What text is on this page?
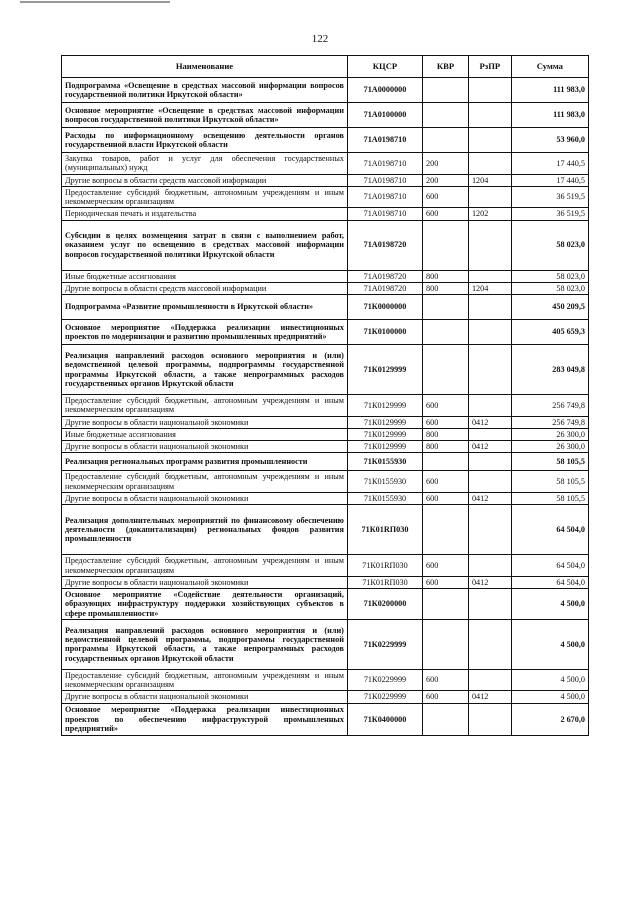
122
Наименование	КЦСР	КВР	РзПР	Сумма
Подпрограмма «Освещение в средствах массовой информации вопросов государственной политики Иркутской области»	71А0000000			111 983,0
Основное мероприятие «Освещение в средствах массовой информации вопросов государственной политики Иркутской области»	71А0100000			111 983,0
Расходы по информационному освещению деятельности органов государственной власти Иркутской области	71А0198710			53 960,0
Закупка товаров, работ и услуг для обеспечения государственных (муниципальных) нужд	71А0198710	200		17 440,5
Другие вопросы в области средств массовой информации	71А0198710	200	1204	17 440,5
Предоставление субсидий бюджетным, автономным учреждениям и иным некоммерческим организациям	71А0198710	600		36 519,5
Периодическая печать и издательства	71А0198710	600	1202	36 519,5
Субсидии в целях возмещения затрат в связи с выполнением работ, оказанием услуг по освещению в средствах массовой информации вопросов государственной политики Иркутской области	71А0198720			58 023,0
Иные бюджетные ассигнования	71А0198720	800		58 023,0
Другие вопросы в области средств массовой информации	71А0198720	800	1204	58 023,0
Подпрограмма «Развитие промышленности в Иркутской области»	71К0000000			450 209,5
Основное мероприятие «Поддержка реализации инвестиционных проектов по модернизации и развитию промышленных предприятий»	71К0100000			405 659,3
Реализация направлений расходов основного мероприятия и (или) ведомственной целевой программы, подпрограммы государственной программы Иркутской области, а также непрограммных расходов государственных органов Иркутской области	71К0129999			283 049,8
Предоставление субсидий бюджетным, автономным учреждениям и иным некоммерческим организациям	71К0129999	600		256 749,8
Другие вопросы в области национальной экономики	71К0129999	600	0412	256 749,8
Иные бюджетные ассигнования	71К0129999	800		26 300,0
Другие вопросы в области национальной экономики	71К0129999	800	0412	26 300,0
Реализация региональных программ развития промышленности	71К0155930			58 105,5
Предоставление субсидий бюджетным, автономным учреждениям и иным некоммерческим организациям	71К0155930	600		58 105,5
Другие вопросы в области национальной экономики	71К0155930	600	0412	58 105,5
Реализация дополнительных мероприятий по финансовому обеспечению деятельности (докапитализации) региональных фондов развития промышленности	71К01RП030			64 504,0
Предоставление субсидий бюджетным, автономным учреждениям и иным некоммерческим организациям	71К01RП030	600		64 504,0
Другие вопросы в области национальной экономики	71К01RП030	600	0412	64 504,0
Основное мероприятие «Содействие деятельности организаций, образующих инфраструктуру поддержки хозяйствующих субъектов в сфере промышленности»	71К0200000			4 500,0
Реализация направлений расходов основного мероприятия и (или) ведомственной целевой программы, подпрограммы государственной программы Иркутской области, а также непрограммных расходов государственных органов Иркутской области	71К0229999			4 500,0
Предоставление субсидий бюджетным, автономным учреждениям и иным некоммерческим организациям	71К0229999	600		4 500,0
Другие вопросы в области национальной экономики	71К0229999	600	0412	4 500,0
Основное мероприятие «Поддержка реализации инвестиционных проектов по обеспечению инфраструктурой промышленных предприятий»	71К0400000			2 670,0
